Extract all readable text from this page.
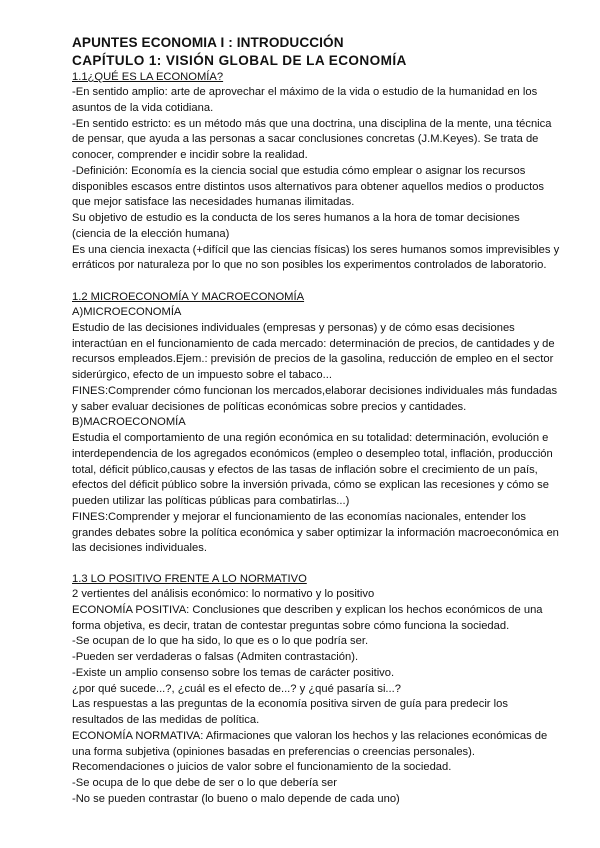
APUNTES ECONOMIA I : INTRODUCCIÓN
CAPÍTULO 1: VISIÓN GLOBAL DE LA ECONOMÍA
1.1¿QUÉ ES LA ECONOMÍA?

-En sentido amplio: arte de aprovechar el máximo de la vida o estudio de la humanidad en los asuntos de la vida cotidiana.

-En sentido estricto: es un método más que una doctrina, una disciplina de la mente, una técnica de pensar, que ayuda a las personas a sacar conclusiones concretas (J.M.Keyes). Se trata de conocer, comprender e incidir sobre la realidad.

-Definición: Economía es la ciencia social que estudia cómo emplear o asignar los recursos disponibles escasos entre distintos usos alternativos para obtener aquellos medios o productos que mejor satisface las necesidades humanas ilimitadas.

Su objetivo de estudio es la conducta de los seres humanos a la hora de tomar decisiones (ciencia de la elección humana)

Es una ciencia inexacta (+difícil que las ciencias físicas) los seres humanos somos imprevisibles y erráticos por naturaleza por lo que no son posibles los experimentos controlados de laboratorio.

1.2 MICROECONOMÍA Y MACROECONOMÍA
A)MICROECONOMÍA

Estudio de las decisiones individuales (empresas y personas) y de cómo esas decisiones interactúan en el funcionamiento de cada mercado: determinación de precios, de cantidades y de recursos empleados.Ejem.: previsión de precios de la gasolina, reducción de empleo en el sector siderúrgico, efecto de un impuesto sobre el tabaco...

FINES:Comprender cómo funcionan los mercados,elaborar decisiones individuales más fundadas y saber evaluar decisiones de políticas económicas sobre precios y cantidades.

B)MACROECONOMÍA

Estudia el comportamiento de una región económica en su totalidad: determinación, evolución e interdependencia de los agregados económicos (empleo o desempleo total, inflación, producción total, déficit público,causas y efectos de las tasas de inflación sobre el crecimiento de un país, efectos del déficit público sobre la inversión privada, cómo se explican las recesiones y cómo se pueden utilizar las políticas públicas para combatirlas...)

FINES:Comprender y mejorar el funcionamiento de las economías nacionales, entender los grandes debates sobre la política económica y saber optimizar la información macroeconómica en las decisiones individuales.

1.3 LO POSITIVO FRENTE A LO NORMATIVO

2 vertientes del análisis económico: lo normativo y lo positivo

ECONOMÍA POSITIVA: Conclusiones que describen y explican los hechos económicos de una forma objetiva, es decir, tratan de contestar preguntas sobre cómo funciona la sociedad.

-Se ocupan de lo que ha sido, lo que es o lo que podría ser.

-Pueden ser verdaderas o falsas (Admiten contrastación).

-Existe un amplio consenso sobre los temas de carácter positivo.

¿por qué sucede...?, ¿cuál es el efecto de...? y ¿qué pasaría si...?

Las respuestas a las preguntas de la economía positiva sirven de guía para predecir los resultados de las medidas de política.

ECONOMÍA NORMATIVA: Afirmaciones que valoran los hechos y las relaciones económicas de una forma subjetiva (opiniones basadas en preferencias o creencias personales). Recomendaciones o juicios de valor sobre el funcionamiento de la sociedad.

-Se ocupa de lo que debe de ser o lo que debería ser

-No se pueden contrastar (lo bueno o malo depende de cada uno)
